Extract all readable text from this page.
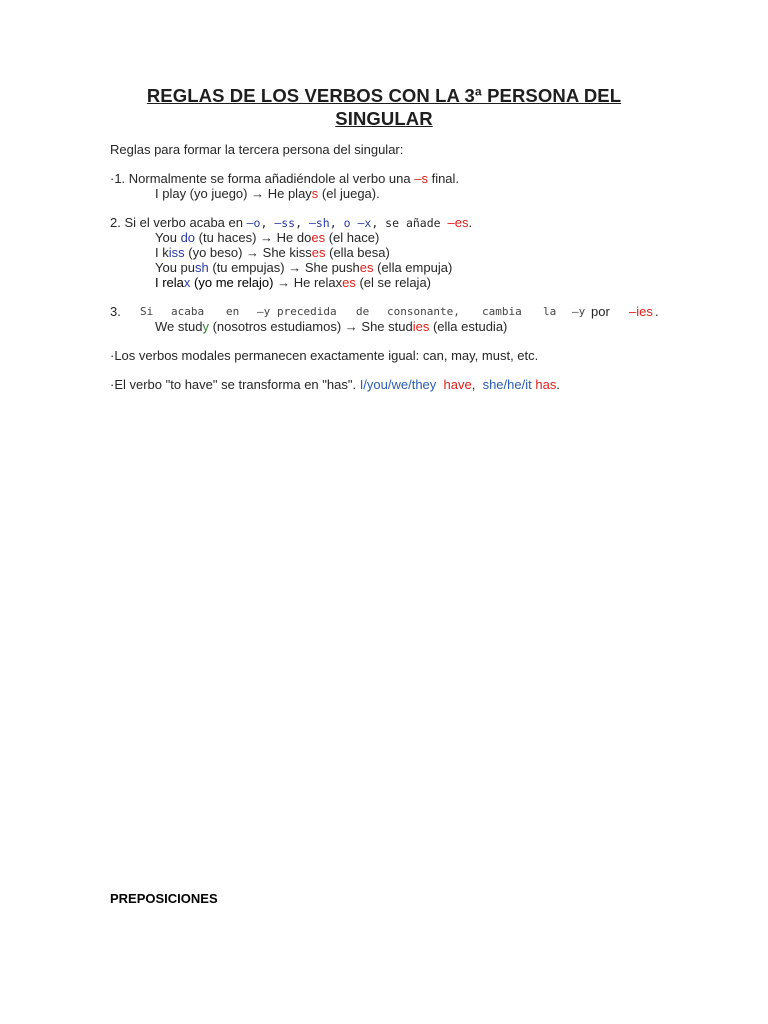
REGLAS DE LOS VERBOS CON LA 3ª PERSONA DEL
SINGULAR
Reglas para formar la tercera persona del singular:
·1. Normalmente se forma añadiéndole al verbo una –s final.
I play (yo juego) → He plays (el juega).
2. Si el verbo acaba en –o, –ss, –sh, o –x, se añade –es.
You do (tu haces) → He does (el hace)
I kiss (yo beso) → She kisses (ella besa)
You push (tu empujas) → She pushes (ella empuja)
I relax (yo me relajo) → He relaxes (el se relaja)
3. Si acaba en –y precedida de consonante, cambia la –y por –ies .
We study (nosotros estudiamos) → She studies (ella estudia)
·Los verbos modales permanecen exactamente igual: can, may, must, etc.
·El verbo "to have" se transforma en "has". I/you/we/they have,  she/he/it has.
PREPOSICIONES
